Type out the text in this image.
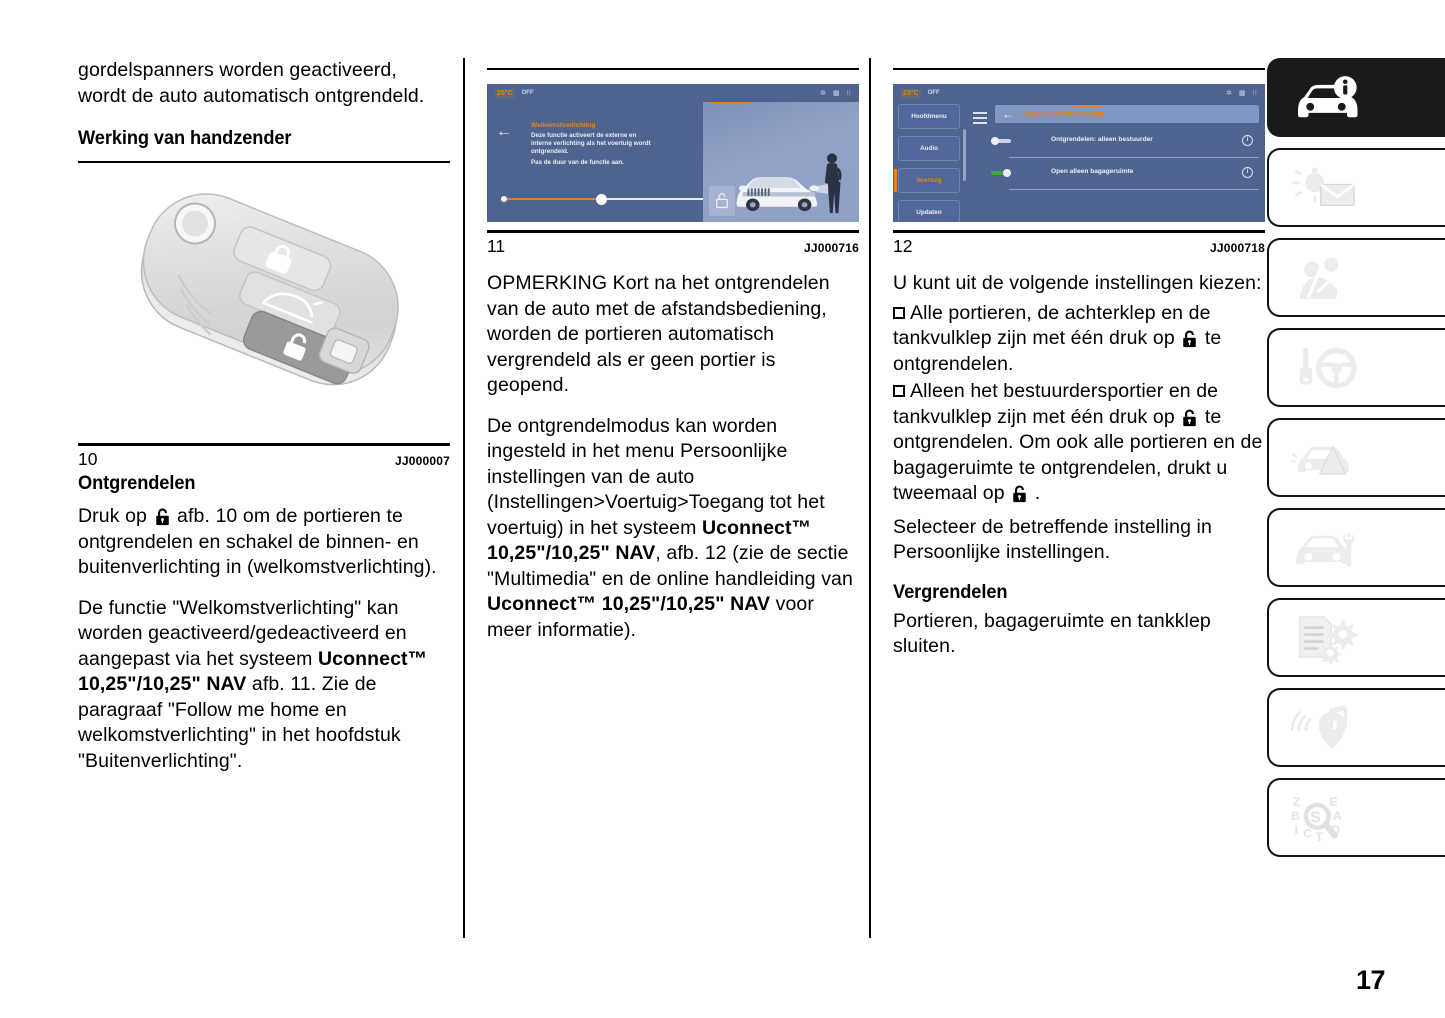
gordelspanners worden geactiveerd, wordt de auto automatisch ontgrendeld.

Werking van handzender
10	JJ000007
Ontgrendelen

Druk op afb. 10 om de portieren te ontgrendelen en schakel de binnen- en buitenverlichting in (welkomstverlichting).

De functie "Welkomstverlichting" kan worden geactiveerd/gedeactiveerd en aangepast via het systeem Uconnect™ 10,25"/10,25" NAV afb. 11. Zie de paragraaf "Follow me home en welkomstverlichting" in het hoofdstuk "Buitenverlichting".

25°C	OFF	✲ ▩ ⁝⁝
←	Welkomstverlichting
Deze functie activeert de externe en interne verlichting als het voertuig wordt ontgrendeld.
Pas de duur van de functie aan.
11	JJ000716

OPMERKING Kort na het ontgrendelen van de auto met de afstandsbediening, worden de portieren automatisch vergrendeld als er geen portier is geopend.

De ontgrendelmodus kan worden ingesteld in het menu Persoonlijke instellingen van de auto (Instellingen>Voertuig>Toegang tot het voertuig) in het systeem Uconnect™ 10,25"/10,25" NAV, afb. 12 (zie de sectie "Multimedia" en de online handleiding van Uconnect™ 10,25"/10,25" NAV voor meer informatie).

23°C	OFF	✲ ▩ ⁝⁝
Hoofdmenu
Audio
Voertuig
Updaten
← Toegang tot het voertuig
Ontgrendelen: alleen bestuurder	i
Open alleen bagageruimte	i
12	JJ000718

U kunt uit de volgende instellingen kiezen:

Alle portieren, de achterklep en de tankvulklep zijn met één druk op te ontgrendelen.

Alleen het bestuurdersportier en de tankvulklep zijn met één druk op te ontgrendelen. Om ook alle portieren en de bagageruimte te ontgrendelen, drukt u tweemaal op .

Selecteer de betreffende instelling in Persoonlijke instellingen.

Vergrendelen

Portieren, bagageruimte en tankklep sluiten.

Z
B
I C T
E
A
D
S
17
